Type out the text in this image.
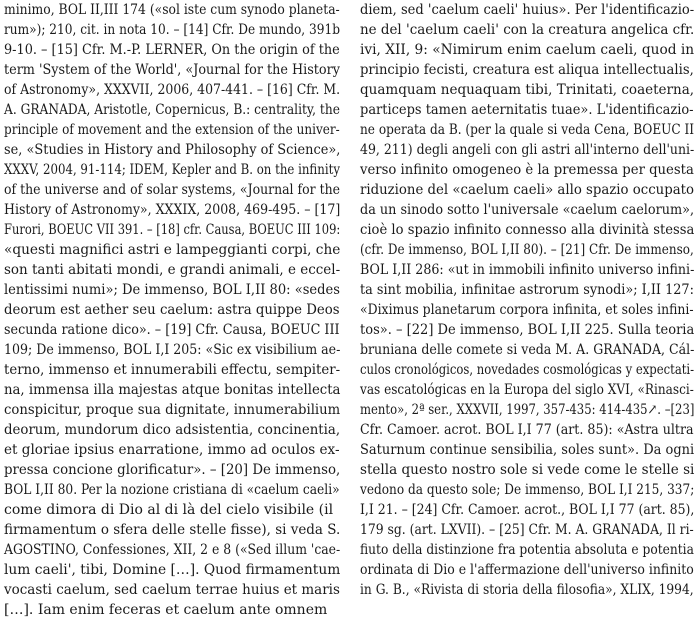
minimo, BOL II,III 174 («sol iste cum synodo planeta-
rum»); 210, cit. in nota 10. – [14] Cfr. De mundo, 391b
9-10. – [15] Cfr. M.-P. LERNER, On the origin of the
term 'System of the World', «Journal for the History
of Astronomy», XXXVII, 2006, 407-441. – [16] Cfr. M.
A. GRANADA, Aristotle, Copernicus, B.: centrality, the
principle of movement and the extension of the univer-
se, «Studies in History and Philosophy of Science»,
XXXV, 2004, 91-114; IDEM, Kepler and B. on the infinity
of the universe and of solar systems, «Journal for the
History of Astronomy», XXXIX, 2008, 469-495. – [17]
Furori, BOEUC VII 391. – [18] cfr. Causa, BOEUC III 109:
«questi magnifici astri e lampeggianti corpi, che
son tanti abitati mondi, e grandi animali, e eccel-
lentissimi numi»; De immenso, BOL I,II 80: «sedes
deorum est aether seu caelum: astra quippe Deos
secunda ratione dico». – [19] Cfr. Causa, BOEUC III
109; De immenso, BOL I,I 205: «Sic ex visibilium ae-
terno, immenso et innumerabili effectu, sempiter-
na, immensa illa majestas atque bonitas intellecta
conspicitur, proque sua dignitate, innumerabilium
deorum, mundorum dico adsistentia, concinentia,
et gloriae ipsius enarratione, immo ad oculos ex-
pressa concione glorificatur». – [20] De immenso,
BOL I,II 80. Per la nozione cristiana di «caelum caeli»
come dimora di Dio al di là del cielo visibile (il
firmamentum o sfera delle stelle fisse), si veda S.
AGOSTINO, Confessiones, XII, 2 e 8 («Sed illum 'cae-
lum caeli', tibi, Domine […]. Quod firmamentum
vocasti caelum, sed caelum terrae huius et maris
[…]. Iam enim feceras et caelum ante omnem
diem, sed 'caelum caeli' huius». Per l'identificazio-
ne del 'caelum caeli' con la creatura angelica cfr.
ivi, XII, 9: «Nimirum enim caelum caeli, quod in
principio fecisti, creatura est aliqua intellectualis,
quamquam nequaquam tibi, Trinitati, coaeterna,
particeps tamen aeternitatis tuae». L'identificazio-
ne operata da B. (per la quale si veda Cena, BOEUC II
49, 211) degli angeli con gli astri all'interno dell'uni-
verso infinito omogeneo è la premessa per questa
riduzione del «caelum caeli» allo spazio occupato
da un sinodo sotto l'universale «caelum caelorum»,
cioè lo spazio infinito connesso alla divinità stessa
(cfr. De immenso, BOL I,II 80). – [21] Cfr. De immenso,
BOL I,II 286: «ut in immobili infinito universo infini-
ta sint mobilia, infinitae astrorum synodi»; I,II 127:
«Diximus planetarum corpora infinita, et soles infini-
tos». – [22] De immenso, BOL I,II 225. Sulla teoria
bruniana delle comete si veda M. A. GRANADA, Cál-
culos cronológicos, novedades cosmológicas y expectati-
vas escatológicas en la Europa del siglo XVI, «Rinasci-
mento», 2ª ser., XXXVII, 1997, 357-435: 414-435↗. –[23]
Cfr. Camoer. acrot. BOL I,I 77 (art. 85): «Astra ultra
Saturnum continue sensibilia, soles sunt». Da ogni
stella questo nostro sole si vede come le stelle si
vedono da questo sole; De immenso, BOL I,I 215, 337;
I,I 21. – [24] Cfr. Camoer. acrot., BOL I,I 77 (art. 85),
179 sg. (art. LXVII). – [25] Cfr. M. A. GRANADA, Il ri-
fiuto della distinzione fra potentia absoluta e potentia
ordinata di Dio e l'affermazione dell'universo infinito
in G. B., «Rivista di storia della filosofia», XLIX, 1994,
